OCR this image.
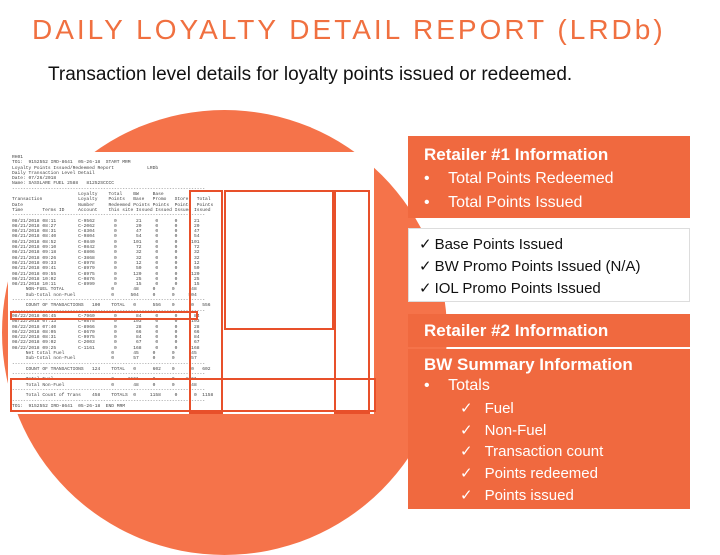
DAILY LOYALTY DETAIL REPORT (LRDb)
Transaction level details for loyalty points issued or redeemed.
RH01
TO1:  9152552 IRD-8641  05-26-18  START MRM
Loyalty Points Issued/Redeemed Report            LRDb
Daily Transaction Level Detail
Date: 07/26/2018
Name: SASSLARE FUEL 2588   81252SCCCC
----------------------------------------------------------------------
Loyalty    Total    BW     Base
Transaction             Loyalty    Points   Base   Promo   Store   Total
Date                    Number     Redeemed Points Points  Points  Points
Time       Terms ID     Account    this site Issued Issued Issued Issued
----------------------------------------------------------------------
08/21/2018 08:11        C-9562       0       21     0      0      21
08/21/2018 08:27        C-2062       0       20     0      0      20
08/21/2018 08:31        C-8304       0       47     0      0      47
08/21/2018 08:40        C-9804       0       54     0      0      54
08/21/2018 08:52        C-0840       0      101     0      0     101
08/21/2018 09:10        C-0842       0       72     0      0      72
08/21/2018 09:18        C-8806       0       32     0      0      32
08/21/2018 09:26        C-3868       0       32     0      0      32
08/21/2018 09:33        C-8978       0       12     0      0      12
08/21/2018 09:41        C-8979       0       50     0      0      50
08/21/2018 09:55        C-8975       0      120     0      0     120
08/21/2018 10:02        C-0876       0       25     0      0      25
08/21/2018 10:11        C-8999       0       15     0      0      15
NON-FUEL TOTAL                 0       48     0      0      48
Sub-total non-Fuel             0      504     0      0     504
----------------------------------------------------------------------
COUNT OF TRANSACTIONS   100    TOTAL   0      556    0      0   556
----------------------------------------------------------------------
08/22/2018 06:45        C-7960       0       84     0      0      84
08/22/2018 07:13        C-0875       0      103     0      0     103
08/22/2018 07:40        C-8966       0       28     0      0      28
08/22/2018 08:05        C-8670       0       66     0      0      66
08/22/2018 08:31        C-9975       0       84     0      0      84
08/22/2018 09:02        C-2003       0       67     0      0      67
08/22/2018 09:25        C-1161       0      168     0      0     168
Net total Fuel                 0       45     0      0      45
Sub-total non-Fuel             0       57     0      0      57
----------------------------------------------------------------------
COUNT OF TRANSACTIONS   124    TOTAL   0      602    0      0   602
----------------------------------------------------------------------
Total Fuel                     0     1161     0      0    1161
Total Non-Fuel                 0       48     0      0      48
----------------------------------------------------------------------
Total Count of Trans    458    TOTALS  0     1158     0      0  1158
----------------------------------------------------------------------
TO1:  9152552 IRD-8641  05-26-18  END MRM
Retailer #1 Information
• Total Points Redeemed
• Total Points Issued
✓ Base Points Issued
✓ BW Promo Points Issued (N/A)
✓ IOL Promo Points Issued
Retailer #2 Information
BW Summary Information
• Totals
✓ Fuel
✓ Non-Fuel
✓ Transaction count
✓ Points redeemed
✓ Points issued
